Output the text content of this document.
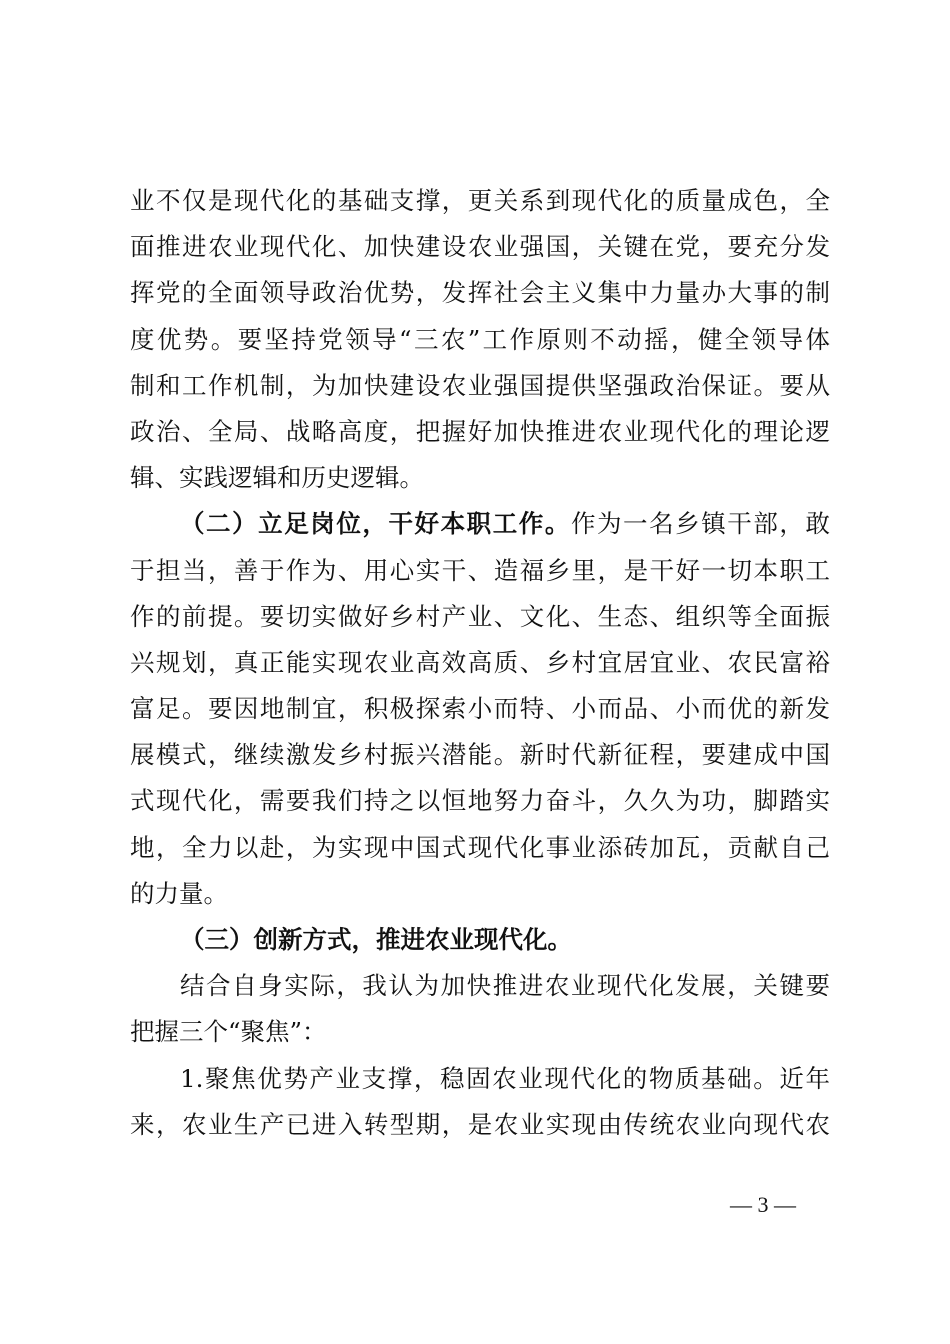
业不仅是现代化的基础支撑，更关系到现代化的质量成色，全
面推进农业现代化、加快建设农业强国，关键在党，要充分发
挥党的全面领导政治优势，发挥社会主义集中力量办大事的制
度优势。要坚持党领导“三农”工作原则不动摇，健全领导体
制和工作机制，为加快建设农业强国提供坚强政治保证。要从
政治、全局、战略高度，把握好加快推进农业现代化的理论逻
辑、实践逻辑和历史逻辑。
（二）立足岗位，干好本职工作。作为一名乡镇干部，敢
于担当，善于作为、用心实干、造福乡里，是干好一切本职工
作的前提。要切实做好乡村产业、文化、生态、组织等全面振
兴规划，真正能实现农业高效高质、乡村宜居宜业、农民富裕
富足。要因地制宜，积极探索小而特、小而品、小而优的新发
展模式，继续激发乡村振兴潜能。新时代新征程，要建成中国
式现代化，需要我们持之以恒地努力奋斗，久久为功，脚踏实
地，全力以赴，为实现中国式现代化事业添砖加瓦，贡献自己
的力量。
（三）创新方式，推进农业现代化。
结合自身实际，我认为加快推进农业现代化发展，关键要
把握三个“聚焦”：
1.聚焦优势产业支撑，稳固农业现代化的物质基础。近年
来，农业生产已进入转型期，是农业实现由传统农业向现代农
— 3 —
